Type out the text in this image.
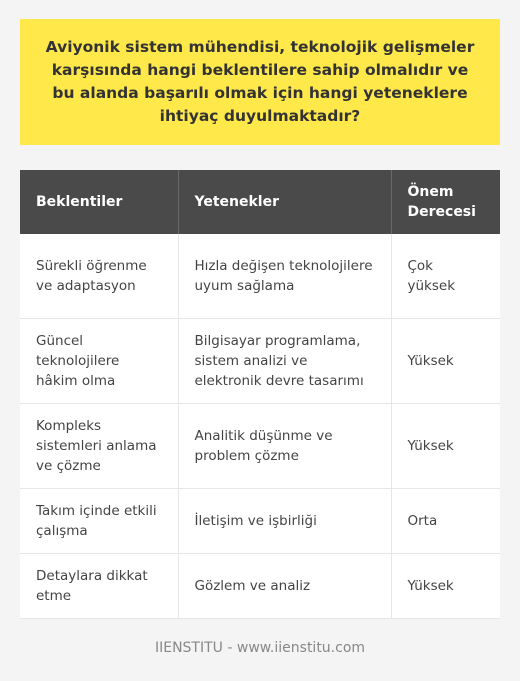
Aviyonik sistem mühendisi, teknolojik gelişmeler karşısında hangi beklentilere sahip olmalıdır ve bu alanda başarılı olmak için hangi yeteneklere ihtiyaç duyulmaktadır?
Beklentiler	Yetenekler	Önem Derecesi
Sürekli öğrenme ve adaptasyon	Hızla değişen teknolojilere uyum sağlama	Çok yüksek
Güncel teknolojilere hâkim olma	Bilgisayar programlama, sistem analizi ve elektronik devre tasarımı	Yüksek
Kompleks sistemleri anlama ve çözme	Analitik düşünme ve problem çözme	Yüksek
Takım içinde etkili çalışma	İletişim ve işbirliği	Orta
Detaylara dikkat etme	Gözlem ve analiz	Yüksek
IIENSTITU - www.iienstitu.com
